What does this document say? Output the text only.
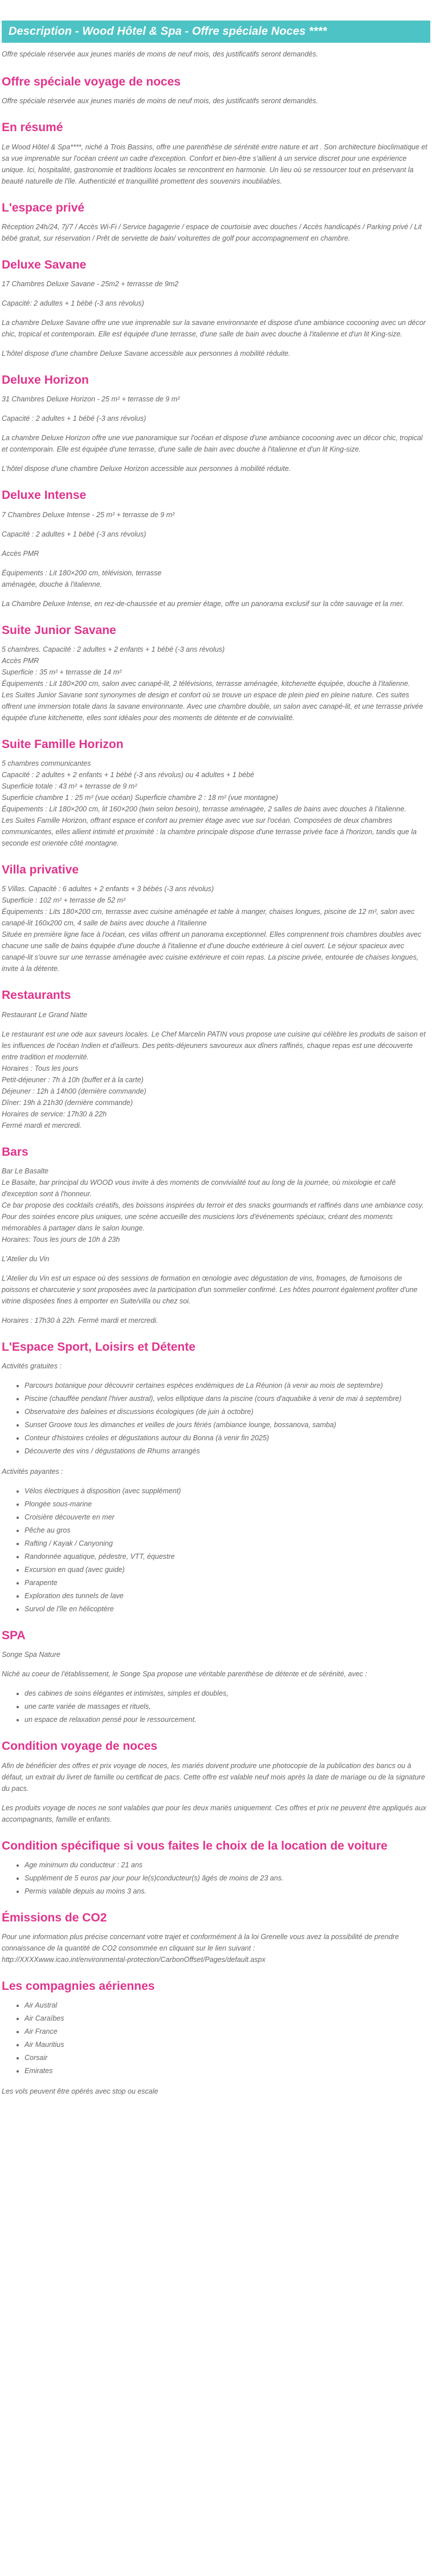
Description - Wood Hôtel & Spa - Offre spéciale Noces ****

Offre spéciale réservée aux jeunes mariés de moins de neuf mois, des justificatifs seront demandés.

Offre spéciale voyage de noces

Offre spéciale réservée aux jeunes mariés de moins de neuf mois, des justificatifs seront demandés.

En résumé

Le Wood Hôtel & Spa****, niché à Trois Bassins, offre une parenthèse de sérénité entre nature et art . Son architecture bioclimatique et sa vue imprenable sur l'océan créent un cadre d'exception. Confort et bien-être s'allient à un service discret pour une expérience unique. Ici, hospitalité, gastronomie et traditions locales se rencontrent en harmonie. Un lieu où se ressourcer tout en préservant la beauté naturelle de l'île. Authenticité et tranquillité promettent des souvenirs inoubliables.

L'espace privé

Réception 24h/24, 7j/7 / Accès Wi-Fi / Service bagagerie / espace de courtoisie avec douches / Accès handicapés / Parking privé / Lit bébé gratuit, sur réservation / Prêt de serviette de bain/ voiturettes de golf pour accompagnement en chambre.

Deluxe Savane

17 Chambres Deluxe Savane - 25m2 + terrasse de 9m2

Capacité: 2 adultes + 1 bébé (-3 ans révolus)

La chambre Deluxe Savane offre une vue imprenable sur la savane environnante et dispose d'une ambiance cocooning avec un décor chic, tropical et contemporain. Elle est équipée d'une terrasse, d'une salle de bain avec douche à l'italienne et d'un lit King-size.

L'hôtel dispose d'une chambre Deluxe Savane accessible aux personnes à mobilité réduite.

Deluxe Horizon

31 Chambres Deluxe Horizon - 25 m² + terrasse de 9 m²

Capacité : 2 adultes + 1 bébé (-3 ans révolus)

La chambre Deluxe Horizon offre une vue panoramique sur l'océan et dispose d'une ambiance cocooning avec un décor chic, tropical et contemporain. Elle est équipée d'une terrasse, d'une salle de bain avec douche à l'italienne et d'un lit King-size.

L'hôtel dispose d'une chambre Deluxe Horizon accessible aux personnes à mobilité réduite.

Deluxe Intense

7 Chambres Deluxe Intense - 25 m² + terrasse de 9 m²

Capacité : 2 adultes + 1 bébé (-3 ans révolus)

Accès PMR

Équipements : Lit 180×200 cm, télévision, terrasse
aménagée, douche à l'italienne.

La Chambre Deluxe Intense, en rez-de-chaussée et au premier étage, offre un panorama exclusif sur la côte sauvage et la mer.

Suite Junior Savane

5 chambres. Capacité : 2 adultes + 2 enfants + 1 bébé (-3 ans révolus)
Accès PMR
Superficie : 35 m² + terrasse de 14 m²
Équipements : Lit 180×200 cm, salon avec canapé-lit, 2 télévisions, terrasse aménagée, kitchenette équipée, douche à l'italienne.
Les Suites Junior Savane sont synonymes de design et confort où se trouve un espace de plein pied en pleine nature. Ces suites offrent une immersion totale dans la savane environnante. Avec une chambre double, un salon avec canapé-lit, et une terrasse privée équipée d'une kitchenette, elles sont idéales pour des moments de détente et de convivialité.

Suite Famille Horizon

5 chambres communicantes
Capacité : 2 adultes + 2 enfants + 1 bébé (-3 ans révolus) ou 4 adultes + 1 bébé
Superficie totale : 43 m² + terrasse de 9 m²
Superficie chambre 1 : 25 m² (vue océan) Superficie chambre 2 : 18 m² (vue montagne)
Équipements : Lit 180×200 cm, lit 160×200 (twin selon besoin), terrasse aménagée, 2 salles de bains avec douches à l'italienne.
Les Suites Famille Horizon, offrant espace et confort au premier étage avec vue sur l'océan. Composées de deux chambres communicantes, elles allient intimité et proximité : la chambre principale dispose d'une terrasse privée face à l'horizon, tandis que la seconde est orientée côté montagne.

Villa privative

5 Villas. Capacité : 6 adultes + 2 enfants + 3 bébés (-3 ans révolus)
Superficie : 102 m² + terrasse de 52 m²
Équipements : Lits 180×200 cm, terrasse avec cuisine aménagée et table à manger, chaises longues, piscine de 12 m², salon avec canapé-lit 160x200 cm, 4 salle de bains avec douche à l'italienne
Située en première ligne face à l'océan, ces villas offrent un panorama exceptionnel. Elles comprennent trois chambres doubles avec chacune une salle de bains équipée d'une douche à l'italienne et d'une douche extérieure à ciel ouvert. Le séjour spacieux avec canapé-lit s'ouvre sur une terrasse aménagée avec cuisine extérieure et coin repas. La piscine privée, entourée de chaises longues, invite à la détente.

Restaurants

Restaurant Le Grand Natte

Le restaurant est une ode aux saveurs locales. Le Chef Marcelin PATIN vous propose une cuisine qui célèbre les produits de saison et les influences de l'océan Indien et d'ailleurs. Des petits-déjeuners savoureux aux dîners raffinés, chaque repas est une découverte entre tradition et modernité.
Horaires : Tous les jours
Petit-déjeuner : 7h à 10h (buffet et à la carte)
Déjeuner : 12h à 14h00 (dernière commande)
Dîner: 19h à 21h30 (dernière commande)
Horaires de service: 17h30 à 22h
Fermé mardi et mercredi.

Bars

Bar Le Basalte
Le Basalte, bar principal du WOOD vous invite à des moments de convivialité tout au long de la journée, où mixologie et café d'exception sont à l'honneur.
Ce bar propose des cocktails créatifs, des boissons inspirées du terroir et des snacks gourmands et raffinés dans une ambiance cosy. Pour des soirées encore plus uniques, une scène accueille des musiciens lors d'événements spéciaux, créant des moments mémorables à partager dans le salon lounge.
Horaires: Tous les jours de 10h à 23h

L'Atelier du Vin

L'Atelier du Vin est un espace où des sessions de formation en œnologie avec dégustation de vins, fromages, de fumoisons de poissons et charcuterie y sont proposées avec la participation d'un sommelier confirmé. Les hôtes pourront également profiter d'une vitrine disposées fines à emporter en Suite/villa ou chez soi.

Horaires : 17h30 à 22h. Fermé mardi et mercredi.

L'Espace Sport, Loisirs et Détente

Activités gratuites :

• Parcours botanique pour découvrir certaines espèces endémiques de La Réunion (à venir au mois de septembre)
• Piscine (chauffée pendant l'hiver austral), velos elliptique dans la piscine (cours d'aquabike à venir de mai à septembre)
• Observatoire des baleines et discussions écologiques (de juin à octobre)
• Sunset Groove tous les dimanches et veilles de jours fériés (ambiance lounge, bossanova, samba)
• Conteur d'histoires créoles et dégustations autour du Bonna (à venir fin 2025)
• Découverte des vins / dégustations de Rhums arrangés

Activités payantes :

• Vélos électriques à disposition (avec supplément)
• Plongée sous-marine
• Croisière découverte en mer
• Pêche au gros
• Rafting / Kayak / Canyoning
• Randonnée aquatique, pédestre, VTT, équestre
• Excursion en quad (avec guide)
• Parapente
• Exploration des tunnels de lave
• Survol de l'île en hélicoptère
SPA

Songe Spa Nature

Niché au coeur de l'établissement, le Songe Spa propose une véritable parenthèse de détente et de sérénité, avec :

• des cabines de soins élégantes et intimistes, simples et doubles,
• une carte variée de massages et rituels,
• un espace de relaxation pensé pour le ressourcement.
Condition voyage de noces

Afin de bénéficier des offres et prix voyage de noces, les mariés doivent produire une photocopie de la publication des bancs ou à défaut, un extrait du livret de famille ou certificat de pacs. Cette offre est valable neuf mois après la date de mariage ou de la signature du pacs.

Les produits voyage de noces ne sont valables que pour les deux mariés uniquement. Ces offres et prix ne peuvent être appliqués aux accompagnants, famille et enfants.

Condition spécifique si vous faites le choix de la location de voiture
• Age minimum du conducteur : 21 ans
• Supplément de 5 euros par jour pour le(s)conducteur(s) âgés de moins de 23 ans.
• Permis valable depuis au moins 3 ans.
Émissions de CO2

Pour une information plus précise concernant votre trajet et conformément à la loi Grenelle vous avez la possibilité de prendre connaissance de la quantité de CO2 consommée en cliquant sur le lien suivant :
http://XXXXwww.icao.int/environmental-protection/CarbonOffset/Pages/default.aspx

Les compagnies aériennes
• Air Austral
• Air Caraïbes
• Air France
• Air Mauritius
• Corsair
• Emirates

Les vols peuvent être opérés avec stop ou escale
